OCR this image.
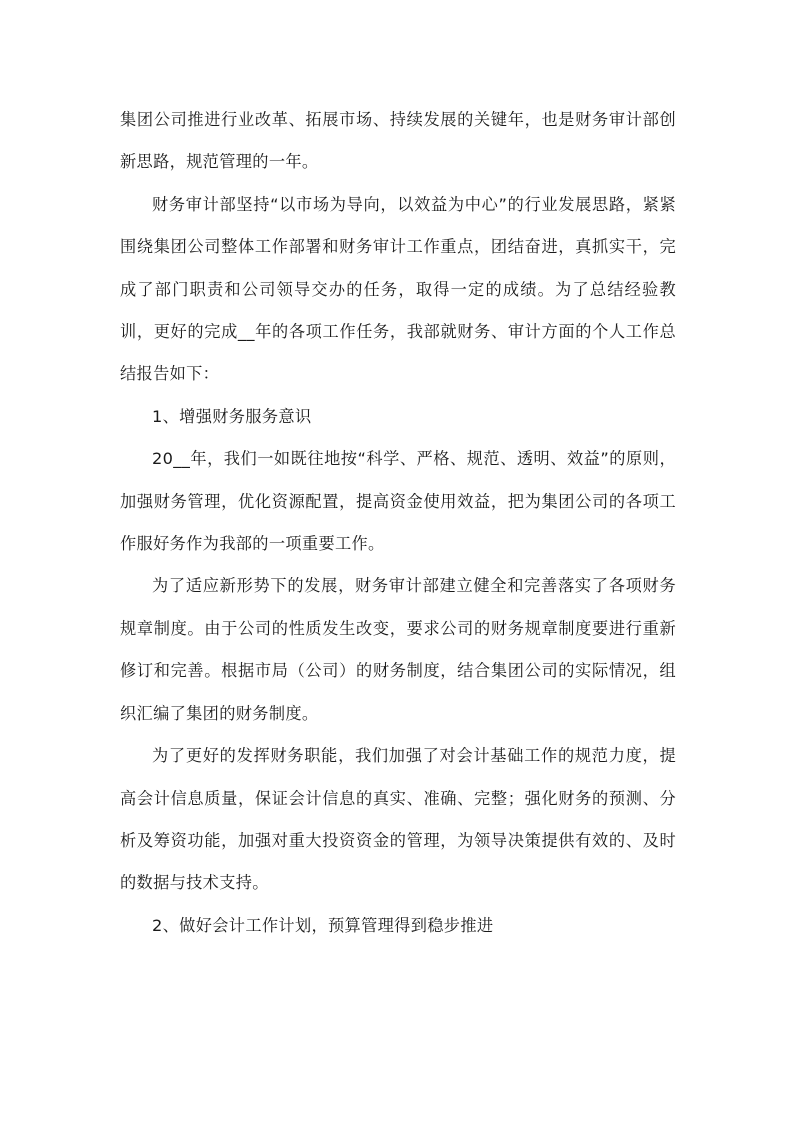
集团公司推进行业改革、拓展市场、持续发展的关键年，也是财务审计部创新思路，规范管理的一年。

财务审计部坚持“以市场为导向，以效益为中心”的行业发展思路，紧紧围绕集团公司整体工作部署和财务审计工作重点，团结奋进，真抓实干，完成了部门职责和公司领导交办的任务，取得一定的成绩。为了总结经验教训，更好的完成__年的各项工作任务，我部就财务、审计方面的个人工作总结报告如下：

1、增强财务服务意识

20__年，我们一如既往地按“科学、严格、规范、透明、效益”的原则，加强财务管理，优化资源配置，提高资金使用效益，把为集团公司的各项工作服好务作为我部的一项重要工作。

为了适应新形势下的发展，财务审计部建立健全和完善落实了各项财务规章制度。由于公司的性质发生改变，要求公司的财务规章制度要进行重新修订和完善。根据市局（公司）的财务制度，结合集团公司的实际情况，组织汇编了集团的财务制度。

为了更好的发挥财务职能，我们加强了对会计基础工作的规范力度，提高会计信息质量，保证会计信息的真实、准确、完整；强化财务的预测、分析及筹资功能，加强对重大投资资金的管理，为领导决策提供有效的、及时的数据与技术支持。

2、做好会计工作计划，预算管理得到稳步推进
